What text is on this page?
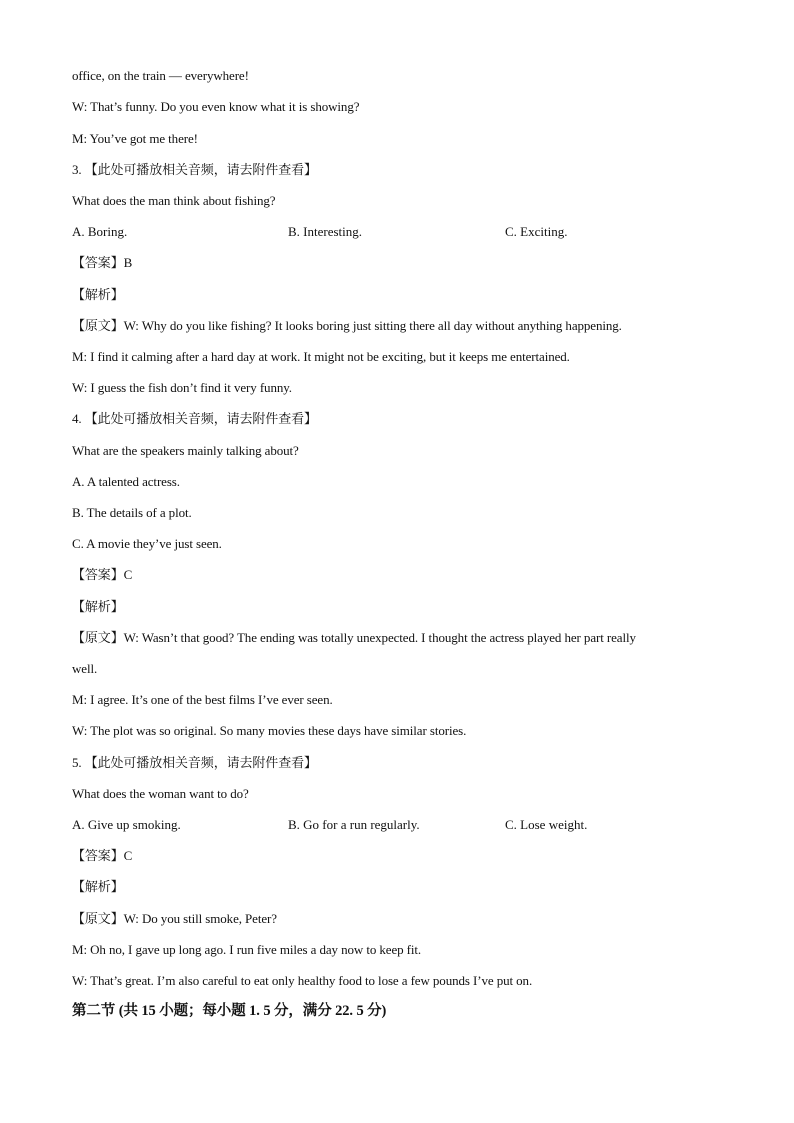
office, on the train — everywhere!
W: That’s funny. Do you even know what it is showing?
M: You’ve got me there!
3. 【此处可播放相关音频，请去附件查看】
What does the man think about fishing?
A. Boring.	B. Interesting.	C. Exciting.
【答案】B
【解析】
【原文】W: Why do you like fishing? It looks boring just sitting there all day without anything happening.
M: I find it calming after a hard day at work. It might not be exciting, but it keeps me entertained.
W: I guess the fish don’t find it very funny.
4. 【此处可播放相关音频，请去附件查看】
What are the speakers mainly talking about?
A. A talented actress.
B. The details of a plot.
C. A movie they’ve just seen.
【答案】C
【解析】
【原文】W: Wasn’t that good? The ending was totally unexpected. I thought the actress played her part really
well.
M: I agree. It’s one of the best films I’ve ever seen.
W: The plot was so original. So many movies these days have similar stories.
5. 【此处可播放相关音频，请去附件查看】
What does the woman want to do?
A. Give up smoking.	B. Go for a run regularly.	C. Lose weight.
【答案】C
【解析】
【原文】W: Do you still smoke, Peter?
M: Oh no, I gave up long ago. I run five miles a day now to keep fit.
W: That’s great. I’m also careful to eat only healthy food to lose a few pounds I’ve put on.
第二节 (共 15 小题；每小题 1. 5 分，满分 22. 5 分)
